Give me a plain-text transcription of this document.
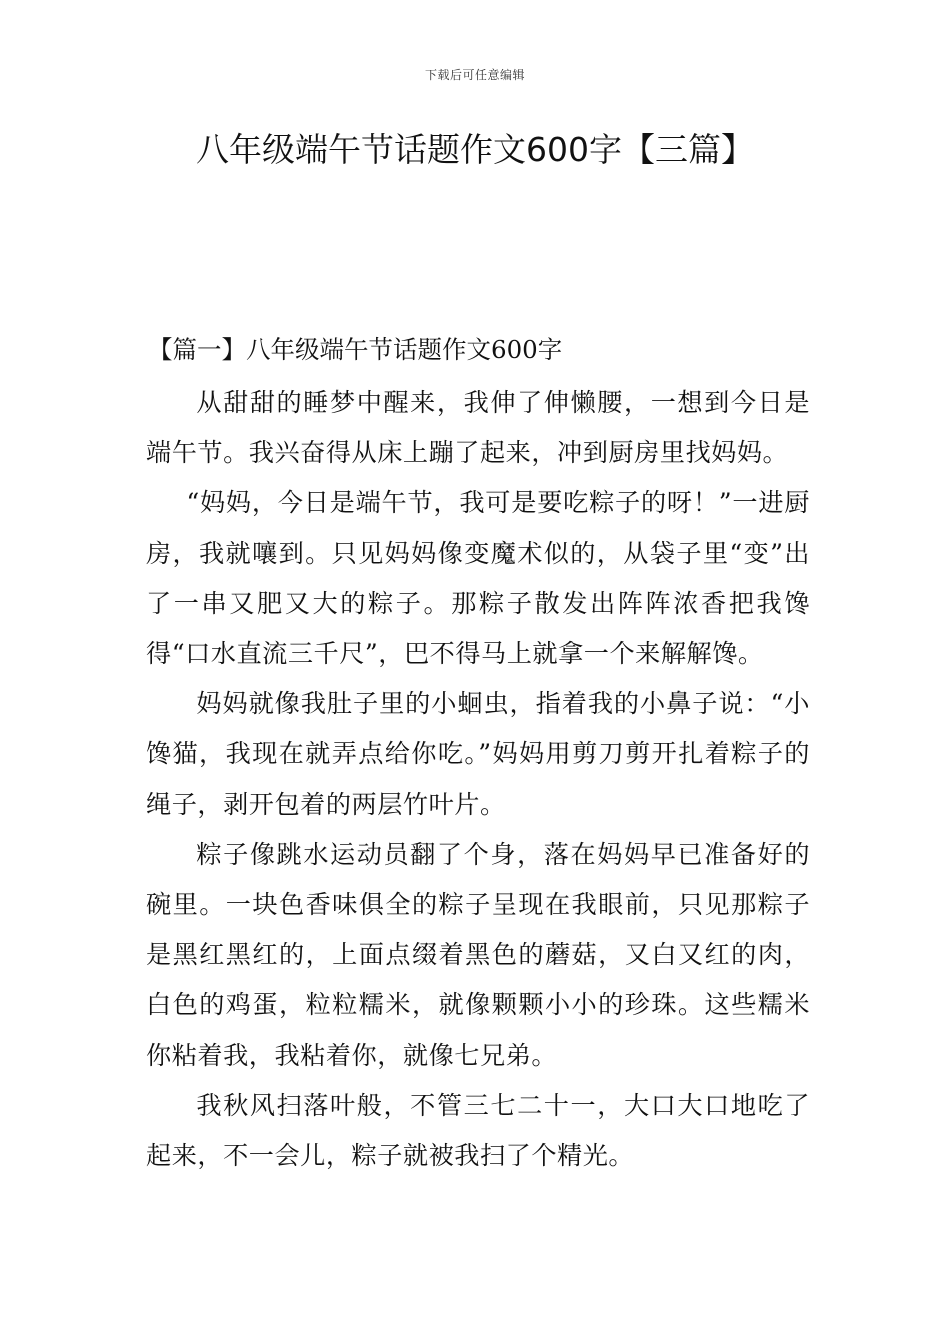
下载后可任意编辑
八年级端午节话题作文600字【三篇】
【篇一】八年级端午节话题作文600字

从甜甜的睡梦中醒来，我伸了伸懒腰，一想到今日是端午节。我兴奋得从床上蹦了起来，冲到厨房里找妈妈。

“妈妈，今日是端午节，我可是要吃粽子的呀！”一进厨房，我就嚷到。只见妈妈像变魔术似的，从袋子里“变”出了一串又肥又大的粽子。那粽子散发出阵阵浓香把我馋得“口水直流三千尺”，巴不得马上就拿一个来解解馋。

妈妈就像我肚子里的小蛔虫，指着我的小鼻子说：“小馋猫，我现在就弄点给你吃。”妈妈用剪刀剪开扎着粽子的绳子，剥开包着的两层竹叶片。

粽子像跳水运动员翻了个身，落在妈妈早已准备好的碗里。一块色香味俱全的粽子呈现在我眼前，只见那粽子是黑红黑红的，上面点缀着黑色的蘑菇，又白又红的肉，白色的鸡蛋，粒粒糯米，就像颗颗小小的珍珠。这些糯米你粘着我，我粘着你，就像七兄弟。

我秋风扫落叶般，不管三七二十一，大口大口地吃了起来，不一会儿，粽子就被我扫了个精光。
